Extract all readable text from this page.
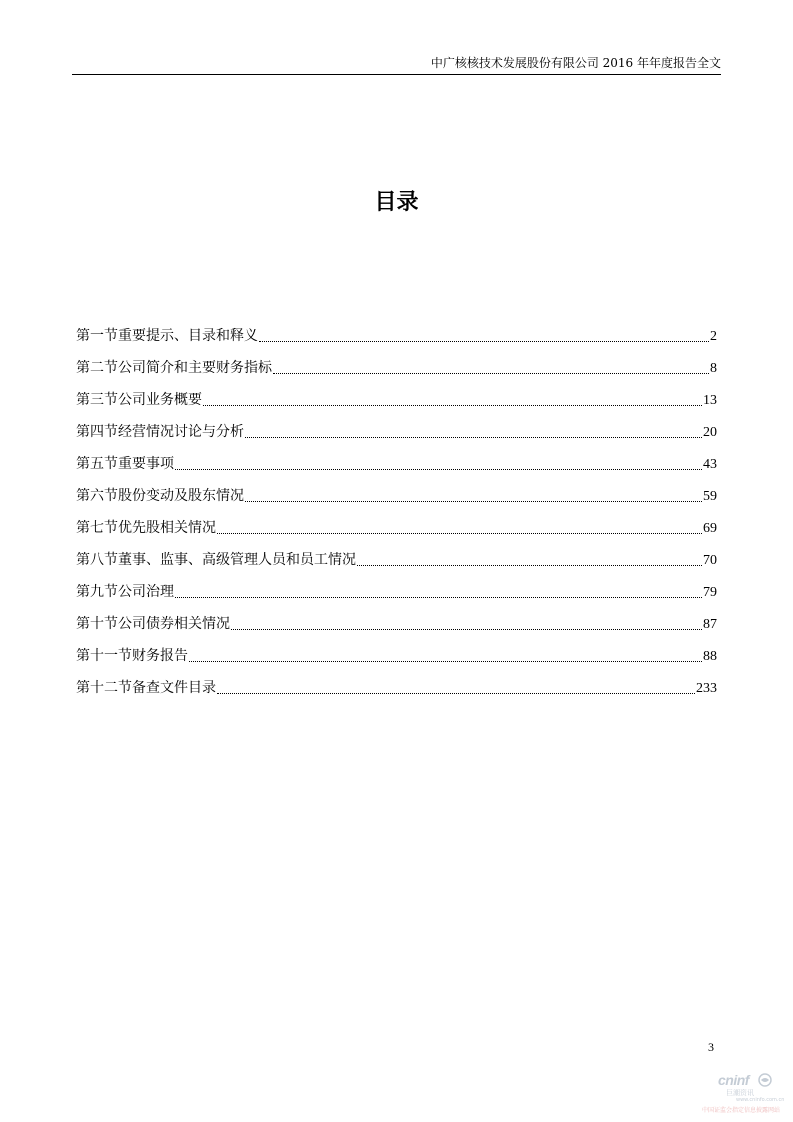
中广核核技术发展股份有限公司 2016 年年度报告全文
目录
第一节重要提示、目录和释义	2
第二节公司简介和主要财务指标	8
第三节公司业务概要	13
第四节经营情况讨论与分析	20
第五节重要事项	43
第六节股份变动及股东情况	59
第七节优先股相关情况	69
第八节董事、监事、高级管理人员和员工情况	70
第九节公司治理	79
第十节公司债券相关情况	87
第十一节财务报告	88
第十二节备查文件目录	233
3
cninf
巨潮资讯
www.cninfo.com.cn
中国证监会指定信息披露网站
